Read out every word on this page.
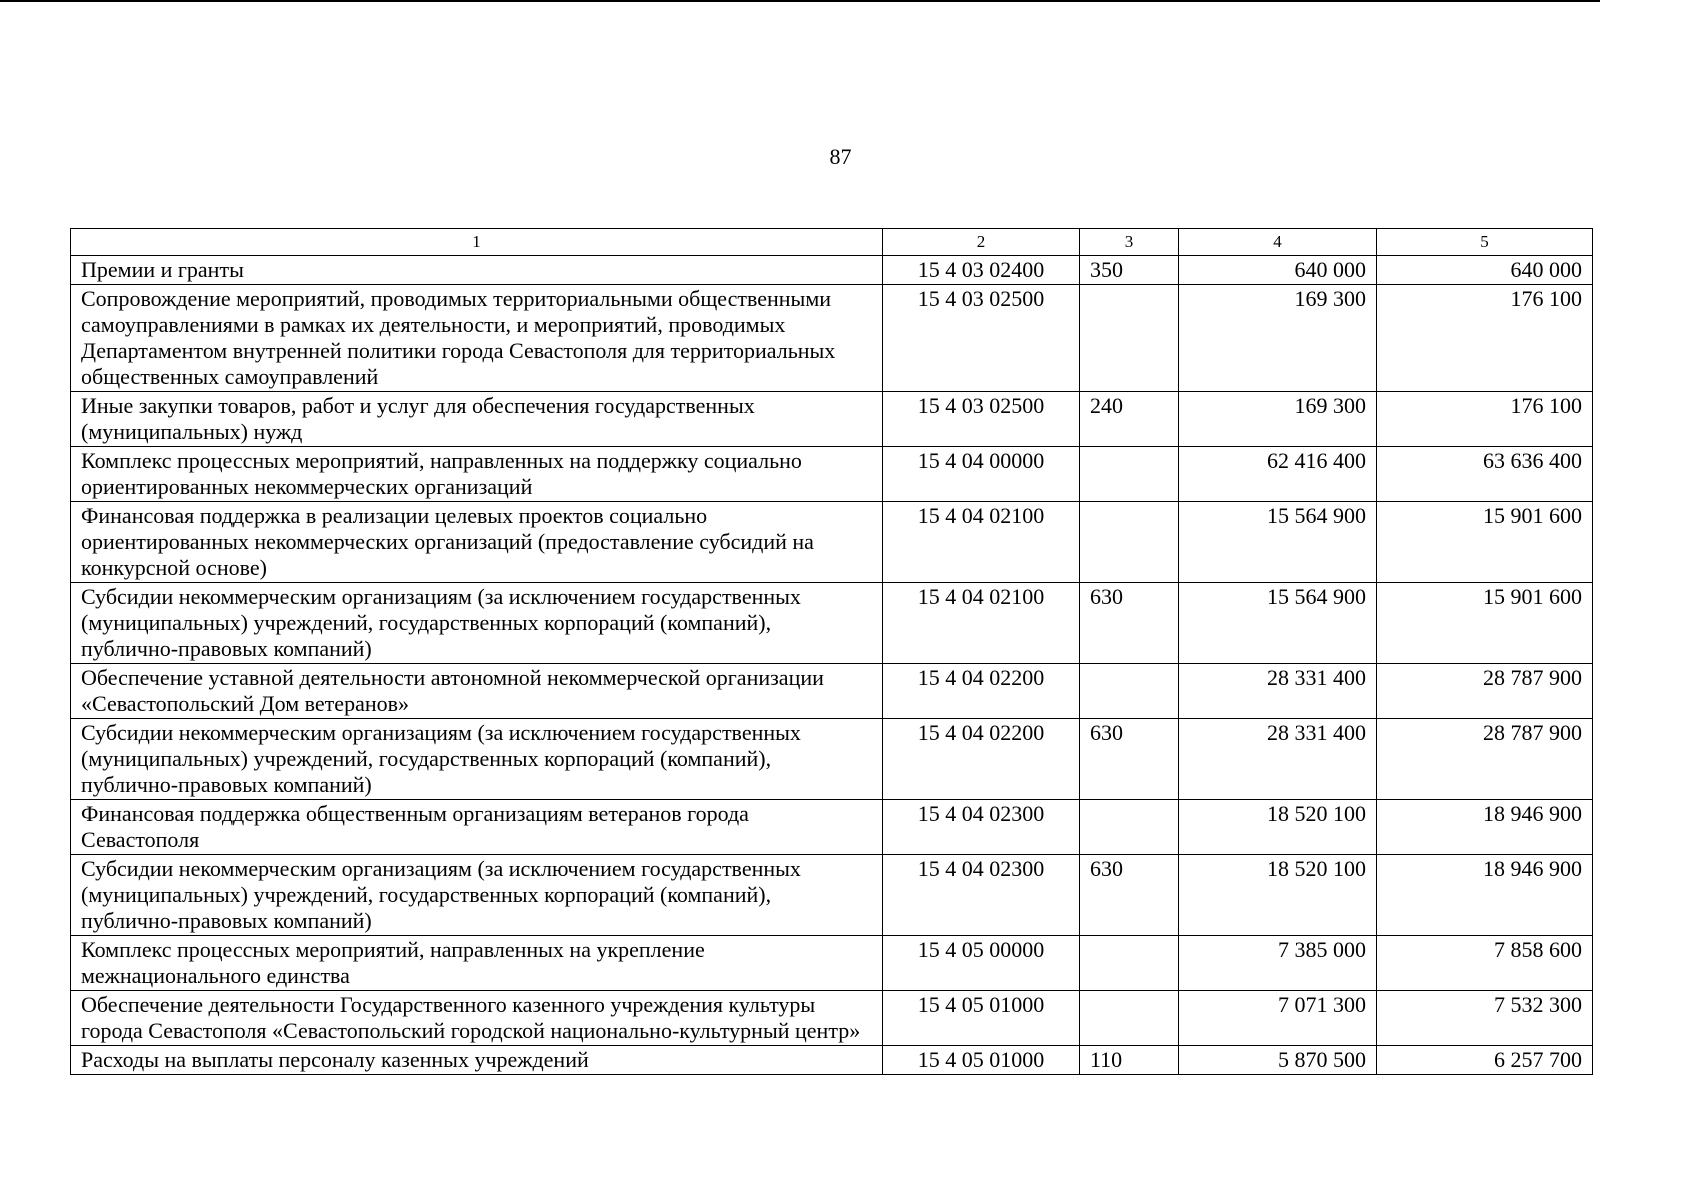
87
1	2	3	4	5
Премии и гранты	15 4 03 02400	350	640 000	640 000
Сопровождение мероприятий, проводимых территориальными общественными самоуправлениями в рамках их деятельности, и мероприятий, проводимых Департаментом внутренней политики города Севастополя для территориальных общественных самоуправлений	15 4 03 02500		169 300	176 100
Иные закупки товаров, работ и услуг для обеспечения государственных (муниципальных) нужд	15 4 03 02500	240	169 300	176 100
Комплекс процессных мероприятий, направленных на поддержку социально ориентированных некоммерческих организаций	15 4 04 00000		62 416 400	63 636 400
Финансовая поддержка в реализации целевых проектов социально ориентированных некоммерческих организаций (предоставление субсидий на конкурсной основе)	15 4 04 02100		15 564 900	15 901 600
Субсидии некоммерческим организациям (за исключением государственных (муниципальных) учреждений, государственных корпораций (компаний), публично-правовых компаний)	15 4 04 02100	630	15 564 900	15 901 600
Обеспечение уставной деятельности автономной некоммерческой организации «Севастопольский Дом ветеранов»	15 4 04 02200		28 331 400	28 787 900
Субсидии некоммерческим организациям (за исключением государственных (муниципальных) учреждений, государственных корпораций (компаний), публично-правовых компаний)	15 4 04 02200	630	28 331 400	28 787 900
Финансовая поддержка общественным организациям ветеранов города Севастополя	15 4 04 02300		18 520 100	18 946 900
Субсидии некоммерческим организациям (за исключением государственных (муниципальных) учреждений, государственных корпораций (компаний), публично-правовых компаний)	15 4 04 02300	630	18 520 100	18 946 900
Комплекс процессных мероприятий, направленных на укрепление межнационального единства	15 4 05 00000		7 385 000	7 858 600
Обеспечение деятельности Государственного казенного учреждения культуры города Севастополя «Севастопольский городской национально-культурный центр»	15 4 05 01000		7 071 300	7 532 300
Расходы на выплаты персоналу казенных учреждений	15 4 05 01000	110	5 870 500	6 257 700
